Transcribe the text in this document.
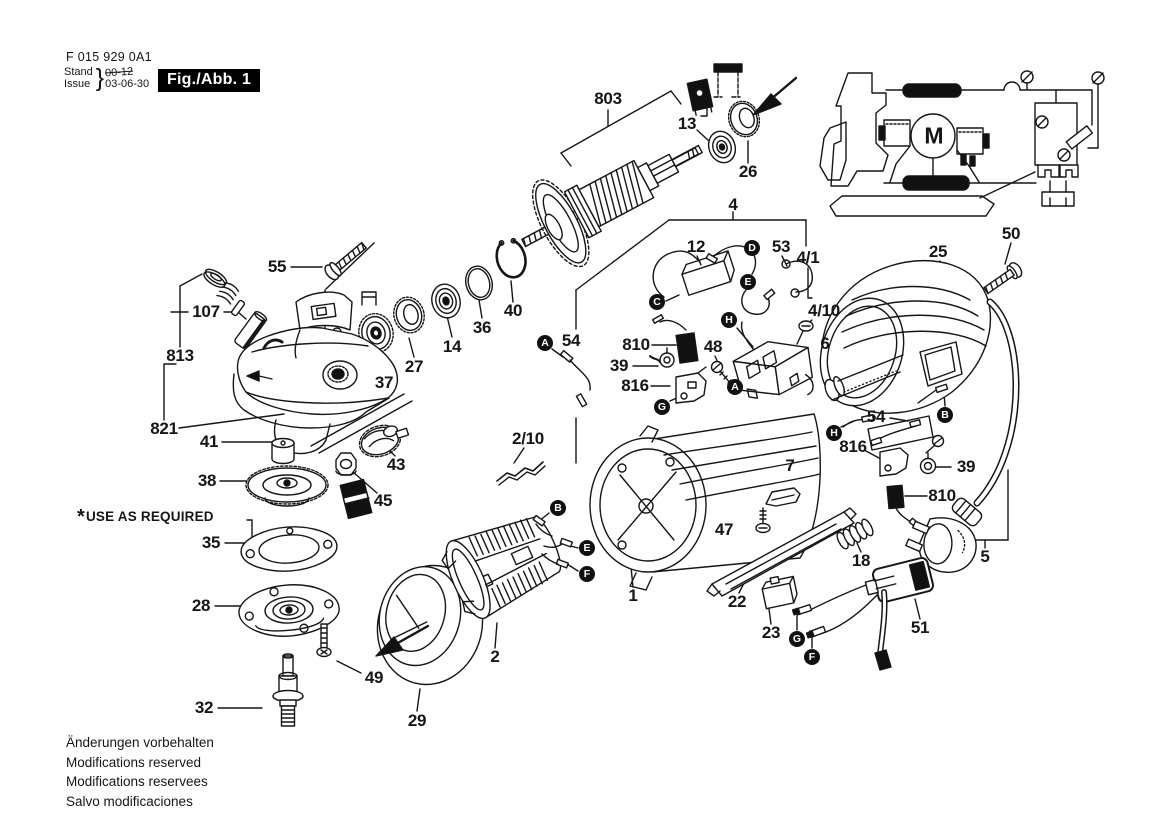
F 015 929 0A1
Stand
Issue } 00-12
03-06-30	Fig./Abb. 1
*USE AS REQUIRED
Änderungen vorbehalten
Modifications reserved
Modifications reservees
Salvo modificaciones
803
13
26
4
12	53
4/1
4/10
25
50
55
107
813
821
41
38
35
28
32
49
29
37
27
14
36
40
43
45
2/10
2
1
54 810
39
816
48	6
54
816
39
810
7
47
18
22
23	51
5
A
A
B
B
C
D
E
E
F
F
G
G
H
H
M
